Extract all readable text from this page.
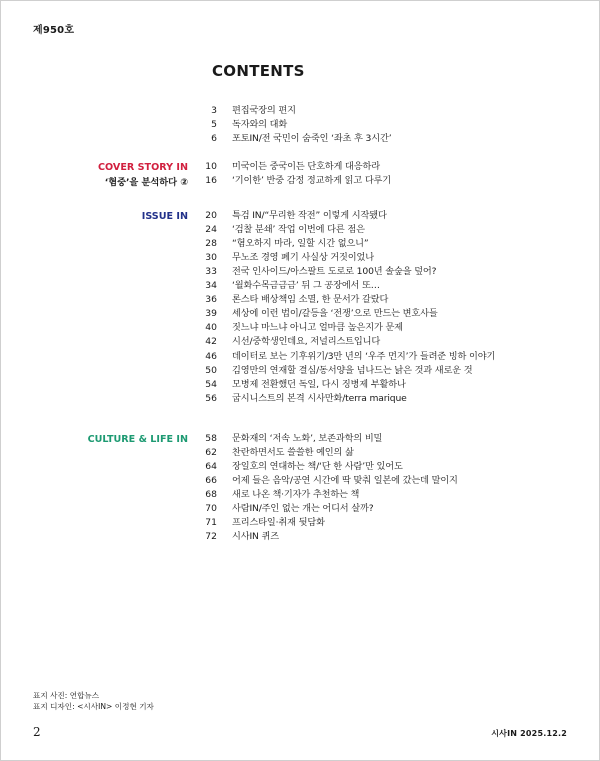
제950호
CONTENTS
3 편집국장의 편지
5 독자와의 대화
6 포토IN/전 국민이 숨죽인 ‘좌초 후 3시간’
COVER STORY IN
‘혐중’을 분석하다 ②
10 미국이든 중국이든 단호하게 대응하라
16 ‘기이한’ 반중 감정 정교하게 읽고 다루기
ISSUE IN	20 특검 IN/“무리한 작전” 이렇게 시작됐다
24 ‘검찰 분쇄’ 작업 이번에 다른 점은
28 “혐오하지 마라, 일할 시간 없으니”
30 무노조 경영 폐기 사실상 거짓이었나
33 전국 인사이드/아스팔트 도로로 100년 솔숲을 덮어?
34 ‘월화수목금금금’ 뒤 그 공장에서 또…
36 론스타 배상책임 소멸, 한 문서가 갈랐다
39 세상에 이런 법이/갈등을 ‘전쟁’으로 만드는 변호사들
40 짓느냐 마느냐 아니고 얼마큼 높은지가 문제
42 시선/중학생인데요, 저널리스트입니다
46 데이터로 보는 기후위기/3만 년의 ‘우주 먼지’가 들려준 빙하 이야기
50 김영만의 연재할 결심/동서양을 넘나드는 낡은 것과 새로운 것
54 모병제 전환했던 독일, 다시 징병제 부활하나
56 굽시니스트의 본격 시사만화/terra marique
CULTURE & LIFE IN	58 문화재의 ‘저속 노화’, 보존과학의 비밀
62 찬란하면서도 쓸쓸한 예인의 삶
64 장일호의 연대하는 책/‘단 한 사람’만 있어도
66 어제 들은 음악/공연 시간에 딱 맞춰 일본에 갔는데 말이지
68 새로 나온 책·기자가 추천하는 책
70 사람IN/주인 없는 개는 어디서 살까?
71 프리스타일·취재 뒷담화
72 시사IN 퀴즈
표지 사진: 연합뉴스
표지 디자인: <시사IN> 이정현 기자
2	시사IN 2025.12.2
